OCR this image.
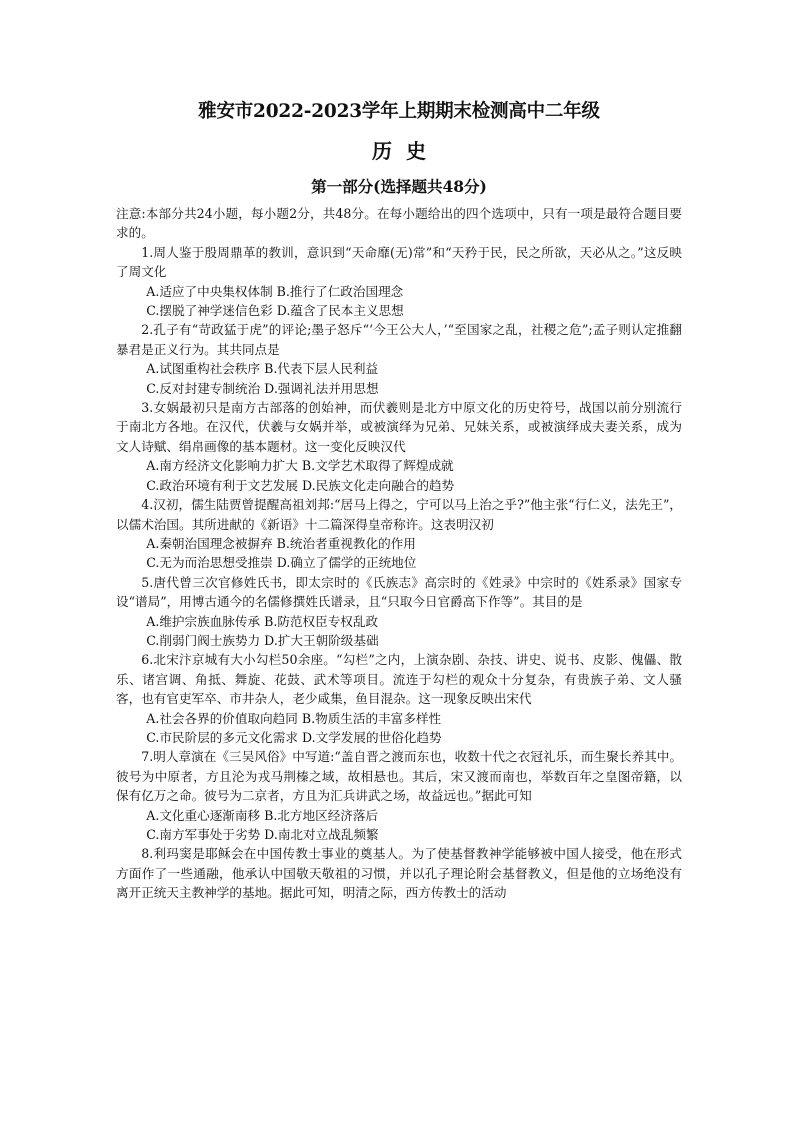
雅安市2022-2023学年上期期末检测高中二年级
历史
第一部分(选择题共48分)

注意:本部分共24小题，每小题2分，共48分。在每小题给出的四个选项中，只有一项是最符合题目要求的。

1.周人鉴于殷周鼎革的教训，意识到“天命靡(无)常”和“天矜于民，民之所欲，天必从之。”这反映了周文化

A.适应了中央集权体制 B.推行了仁政治国理念

C.摆脱了神学迷信色彩 D.蕴含了民本主义思想

2.孔子有“苛政猛于虎”的评论;墨子怒斥“‘今王公大人，’“至国家之乱，社稷之危”;孟子则认定推翻暴君是正义行为。其共同点是

A.试图重构社会秩序 B.代表下层人民利益

C.反对封建专制统治 D.强调礼法并用思想

3.女娲最初只是南方古部落的创始神，而伏羲则是北方中原文化的历史符号，战国以前分别流行于南北方各地。在汉代，伏羲与女娲并举，或被演绎为兄弟、兄妹关系，或被演绎成夫妻关系，成为文人诗赋、绢帛画像的基本题材。这一变化反映汉代

A.南方经济文化影响力扩大 B.文学艺术取得了辉煌成就

C.政治环境有利于文艺发展 D.民族文化走向融合的趋势

4.汉初，儒生陆贾曾提醒高祖刘邦:“居马上得之，宁可以马上治之乎?”他主张“行仁义，法先王”，以儒术治国。其所进献的《新语》十二篇深得皇帝称许。这表明汉初

A.秦朝治国理念被摒弃 B.统治者重视教化的作用

C.无为而治思想受推崇 D.确立了儒学的正统地位

5.唐代曾三次官修姓氏书，即太宗时的《氏族志》高宗时的《姓录》中宗时的《姓系录》国家专设“谱局”，用博古通今的名儒修撰姓氏谱录，且“只取今日官爵高下作等”。其目的是

A.维护宗族血脉传承 B.防范权臣专权乱政

C.削弱门阀士族势力 D.扩大王朝阶级基础

6.北宋汴京城有大小勾栏50余座。“勾栏”之内，上演杂剧、杂技、讲史、说书、皮影、傀儡、散乐、诸宫调、角抵、舞旋、花鼓、武术等项目。流连于勾栏的观众十分复杂，有贵族子弟、文人骚客，也有官吏军卒、市井杂人，老少咸集，鱼目混杂。这一现象反映出宋代

A.社会各界的价值取向趋同 B.物质生活的丰富多样性

C.市民阶层的多元文化需求 D.文学发展的世俗化趋势

7.明人章演在《三吴风俗》中写道:“盖自晋之渡而东也，收数十代之衣冠礼乐，而生聚长养其中。彼号为中原者，方且沦为戎马荆榛之域，故相悬也。其后，宋又渡而南也，举数百年之皇图帝籍，以保有亿万之命。彼号为二京者，方且为汇兵讲武之场，故益远也。”据此可知

A.文化重心逐渐南移 B.北方地区经济落后

C.南方军事处于劣势 D.南北对立战乱频繁

8.利玛窦是耶稣会在中国传教士事业的奠基人。为了使基督教神学能够被中国人接受，他在形式方面作了一些通融，他承认中国敬天敬祖的习惯，并以孔子理论附会基督教义，但是他的立场绝没有离开正统天主教神学的基地。据此可知，明清之际，西方传教士的活动
